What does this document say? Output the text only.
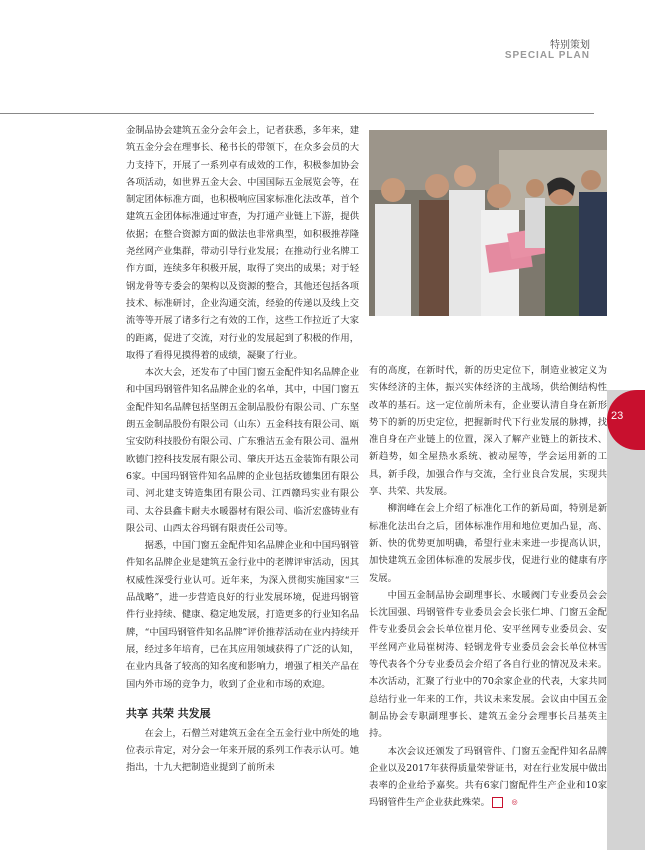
特别策划
SPECIAL PLAN
23

金制品协会建筑五金分会年会上，记者获悉，多年来，建筑五金分会在理事长、秘书长的带领下，在众多会员的大力支持下，开展了一系列卓有成效的工作，积极参加协会各项活动，如世界五金大会、中国国际五金展览会等，在制定团体标准方面，也积极响应国家标准化法改革，首个建筑五金团体标准通过审查，为打通产业链上下游，提供依据；在整合资源方面的做法也非常典型，如积极推荐隆尧丝网产业集群，带动引导行业发展；在推动行业名牌工作方面，连续多年积极开展，取得了突出的成果；对于轻钢龙骨等专委会的架构以及资源的整合，其他还包括各项技术、标准研讨，企业沟通交流，经验的传递以及线上交流等等开展了诸多行之有效的工作，这些工作拉近了大家的距离，促进了交流，对行业的发展起到了积极的作用，取得了看得见摸得着的成绩，凝聚了行业。

本次大会，还发布了中国门窗五金配件知名品牌企业和中国玛钢管件知名品牌企业的名单，其中，中国门窗五金配件知名品牌包括坚朗五金制品股份有限公司、广东坚朗五金制品股份有限公司（山东）五金科技有限公司、瓯宝安防科技股份有限公司、广东雅洁五金有限公司、温州欧德门控科技发展有限公司、肇庆开达五金装饰有限公司6家。中国玛钢管件知名品牌的企业包括玫德集团有限公司、河北建支铸造集团有限公司、江西赣玛实业有限公司、太谷县鑫卡耐夫水暖器材有限公司、临沂宏盛铸业有限公司、山西太谷玛钢有限责任公司等。

据悉，中国门窗五金配件知名品牌企业和中国玛钢管件知名品牌企业是建筑五金行业中的老牌评审活动，因其权威性深受行业认可。近年来，为深入贯彻实施国家“三品战略”，进一步营造良好的行业发展环境，促进玛钢管件行业持续、健康、稳定地发展，打造更多的行业知名品牌，“中国玛钢管件知名品牌”评价推荐活动在业内持续开展，经过多年培育，已在其应用领域获得了广泛的认知，在业内具备了较高的知名度和影响力，增强了相关产品在国内外市场的竞争力，收到了企业和市场的欢迎。

共享 共荣 共发展

在会上，石僧兰对建筑五金在全五金行业中所处的地位表示肯定，对分会一年来开展的系列工作表示认可。她指出，十九大把制造业提到了前所未

有的高度，在新时代，新的历史定位下，制造业被定义为实体经济的主体，振兴实体经济的主战场，供给侧结构性改革的基石。这一定位前所未有，企业要认清自身在新形势下的新的历史定位，把握新时代下行业发展的脉搏，找准自身在产业链上的位置，深入了解产业链上的新技术、新趋势，如全屋热水系统、被动屋等，学会运用新的工具，新手段，加强合作与交流，全行业良合发展，实现共享、共荣、共发展。

柳润峰在会上介绍了标准化工作的新局面，特别是新标准化法出台之后，团体标准作用和地位更加凸显，高、新、快的优势更加明确，希望行业未来进一步提高认识，加快建筑五金团体标准的发展步伐，促进行业的健康有序发展。

中国五金制品协会副理事长、水暖阀门专业委员会会长沈国强、玛钢管件专业委员会会长张仁坤、门窗五金配件专业委员会会长单位崔月伦、安平丝网专业委员会、安平丝网产业局崔树涛、轻钢龙骨专业委员会会长单位林雪等代表各个分专业委员会介绍了各自行业的情况及未来。本次活动，汇聚了行业中的70余家企业的代表，大家共同总结行业一年来的工作，共议未来发展。会议由中国五金制品协会专职副理事长、建筑五金分会理事长吕基英主持。

本次会议还颁发了玛钢管件、门窗五金配件知名品牌企业以及2017年获得质量荣誉证书，对在行业发展中做出表率的企业给予嘉奖。共有6家门窗配件生产企业和10家玛钢管件生产企业获此殊荣。	◎
